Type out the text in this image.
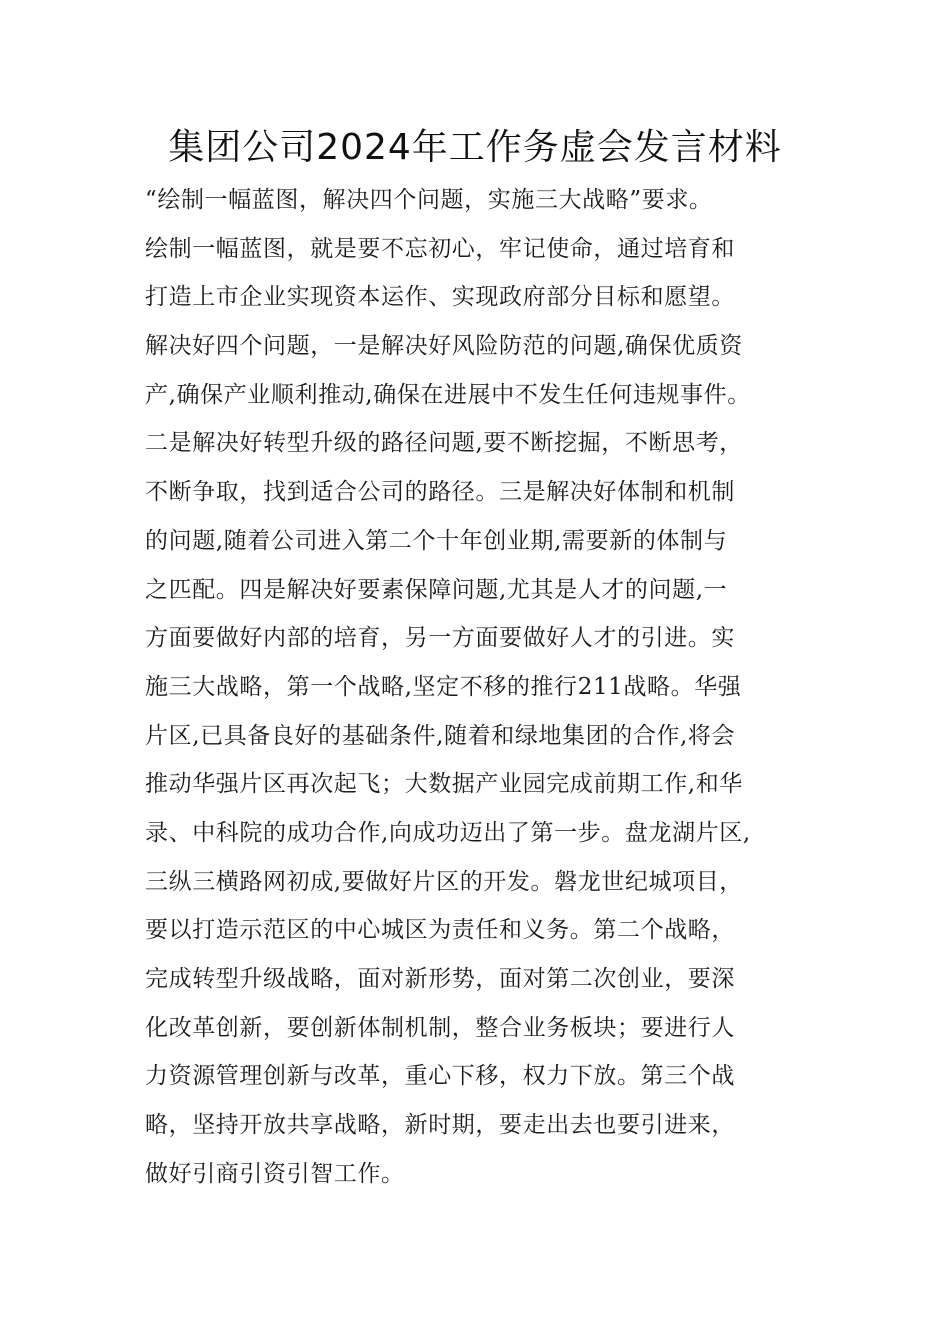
集团公司2024年工作务虚会发言材料
“绘制一幅蓝图，解决四个问题，实施三大战略”要求。
绘制一幅蓝图，就是要不忘初心，牢记使命，通过培育和
打造上市企业实现资本运作、实现政府部分目标和愿望。
解决好四个问题，一是解决好风险防范的问题,确保优质资
产,确保产业顺利推动,确保在进展中不发生任何违规事件。
二是解决好转型升级的路径问题,要不断挖掘，不断思考，
不断争取，找到适合公司的路径。三是解决好体制和机制
的问题,随着公司进入第二个十年创业期,需要新的体制与
之匹配。四是解决好要素保障问题,尤其是人才的问题,一
方面要做好内部的培育，另一方面要做好人才的引进。实
施三大战略，第一个战略,坚定不移的推行211战略。华强
片区,已具备良好的基础条件,随着和绿地集团的合作,将会
推动华强片区再次起飞；大数据产业园完成前期工作,和华
录、中科院的成功合作,向成功迈出了第一步。盘龙湖片区,
三纵三横路网初成,要做好片区的开发。磐龙世纪城项目，
要以打造示范区的中心城区为责任和义务。第二个战略，
完成转型升级战略，面对新形势，面对第二次创业，要深
化改革创新，要创新体制机制，整合业务板块；要进行人
力资源管理创新与改革，重心下移，权力下放。第三个战
略，坚持开放共享战略，新时期，要走出去也要引进来，
做好引商引资引智工作。
